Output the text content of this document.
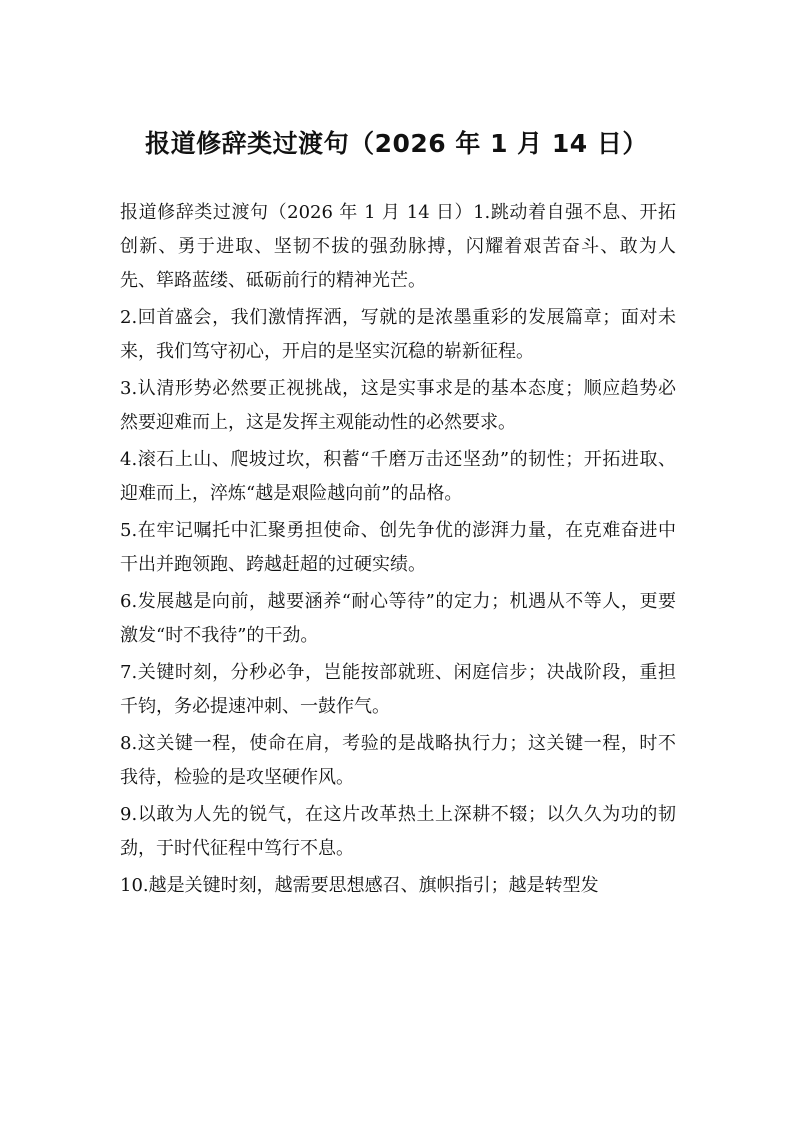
报道修辞类过渡句（2026 年 1 月 14 日）

报道修辞类过渡句（2026 年 1 月 14 日）1.跳动着自强不息、开拓创新、勇于进取、坚韧不拔的强劲脉搏，闪耀着艰苦奋斗、敢为人先、筚路蓝缕、砥砺前行的精神光芒。

2.回首盛会，我们激情挥洒，写就的是浓墨重彩的发展篇章；面对未来，我们笃守初心，开启的是坚实沉稳的崭新征程。

3.认清形势必然要正视挑战，这是实事求是的基本态度；顺应趋势必然要迎难而上，这是发挥主观能动性的必然要求。

4.滚石上山、爬坡过坎，积蓄“千磨万击还坚劲”的韧性；开拓进取、迎难而上，淬炼“越是艰险越向前”的品格。

5.在牢记嘱托中汇聚勇担使命、创先争优的澎湃力量，在克难奋进中干出并跑领跑、跨越赶超的过硬实绩。

6.发展越是向前，越要涵养“耐心等待”的定力；机遇从不等人，更要激发“时不我待”的干劲。

7.关键时刻，分秒必争，岂能按部就班、闲庭信步；决战阶段，重担千钧，务必提速冲刺、一鼓作气。

8.这关键一程，使命在肩，考验的是战略执行力；这关键一程，时不我待，检验的是攻坚硬作风。

9.以敢为人先的锐气，在这片改革热土上深耕不辍；以久久为功的韧劲，于时代征程中笃行不息。

10.越是关键时刻，越需要思想感召、旗帜指引；越是转型发
